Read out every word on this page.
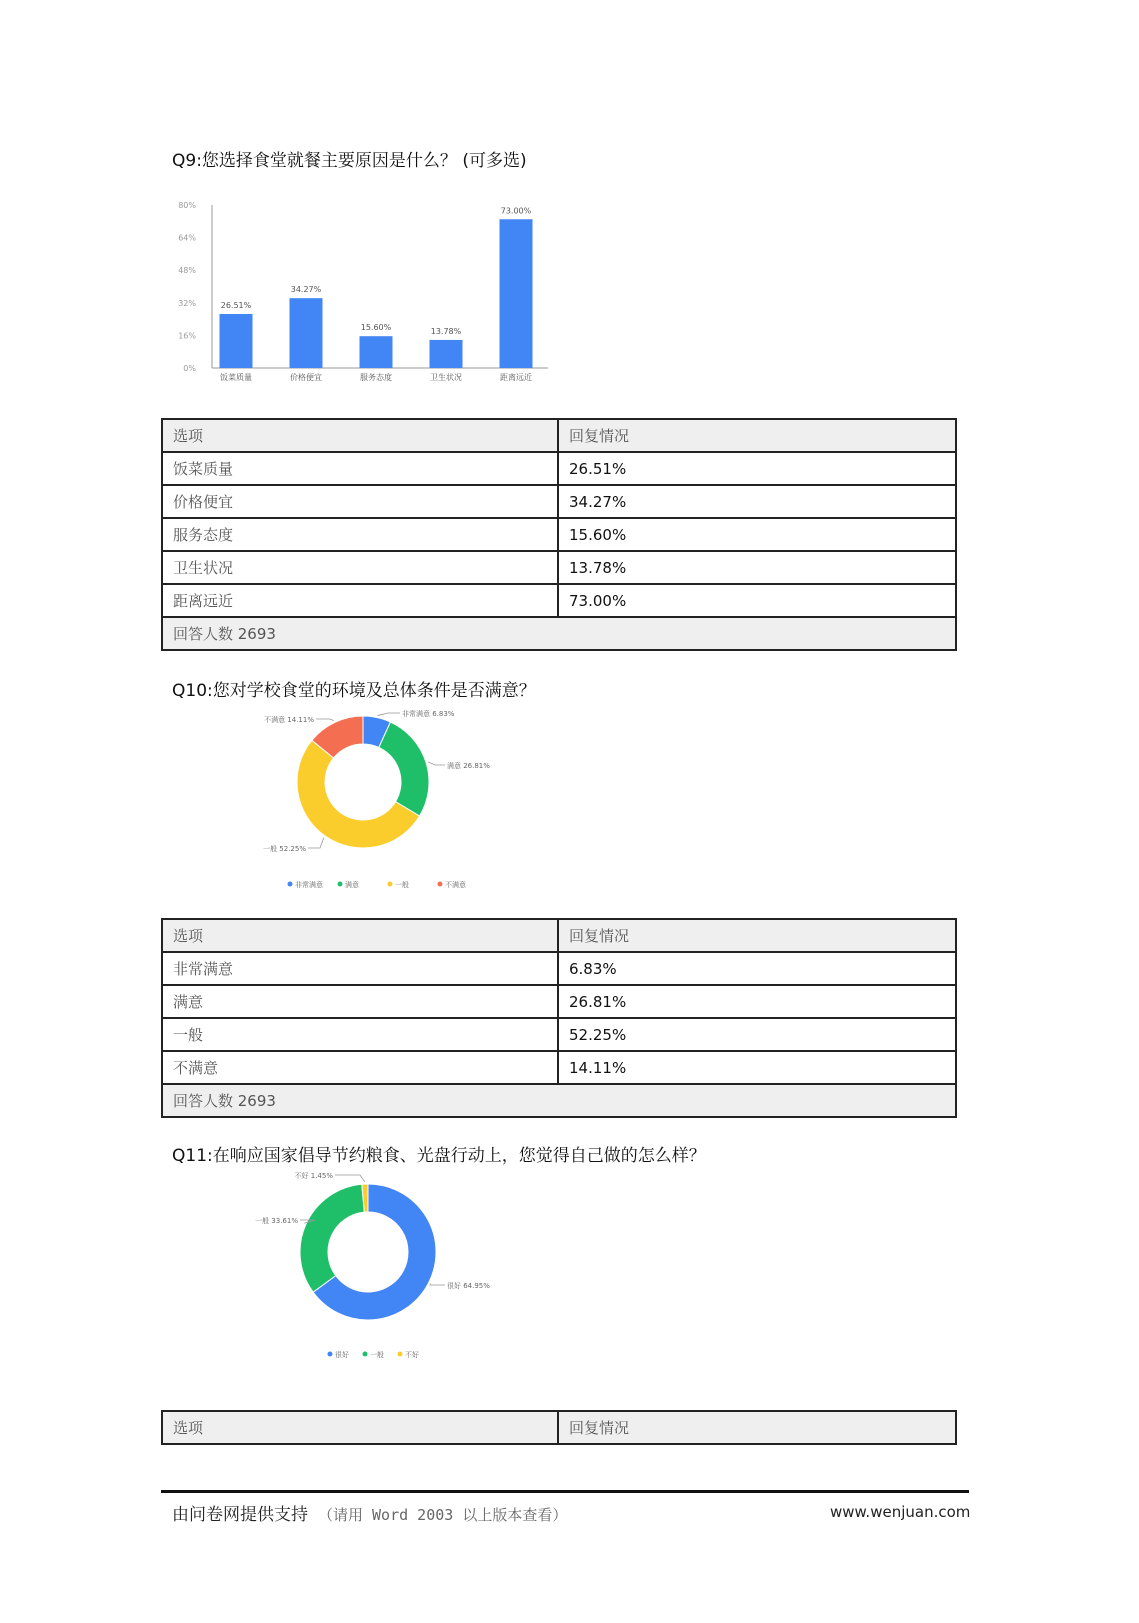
Q9:您选择食堂就餐主要原因是什么？ (可多选)
0%
16%
32%
48%
64%
80%
26.51%
饭菜质量
34.27%
价格便宜
15.60%
服务态度
13.78%
卫生状况
73.00%
距离远近
选项	回复情况
饭菜质量	26.51%
价格便宜	34.27%
服务态度	15.60%
卫生状况	13.78%
距离远近	73.00%
回答人数 2693	
Q10:您对学校食堂的环境及总体条件是否满意？
非常满意 6.83%
满意 26.81%
一般 52.25%
不满意 14.11%
非常满意	满意	一般	不满意
选项	回复情况
非常满意	6.83%
满意	26.81%
一般	52.25%
不满意	14.11%
回答人数 2693	
Q11:在响应国家倡导节约粮食、光盘行动上，您觉得自己做的怎么样？
很好 64.95%
一般 33.61%
不好 1.45%
很好	一般	不好
选项	回复情况
由问卷网提供支持 （请用 Word 2003 以上版本查看）	www.wenjuan.com
